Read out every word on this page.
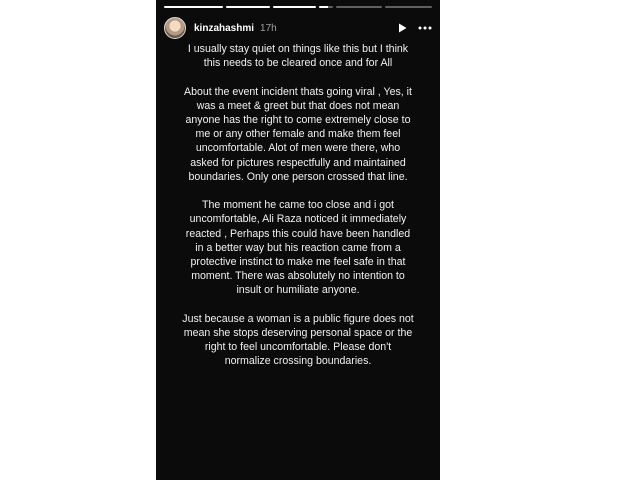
kinzahashmi 17h

I usually stay quiet on things like this but I think this needs to be cleared once and for All

About the event incident thats going viral , Yes, it was a meet & greet but that does not mean anyone has the right to come extremely close to me or any other female and make them feel uncomfortable. Alot of men were there, who asked for pictures respectfully and maintained boundaries. Only one person crossed that line.

The moment he came too close and i got uncomfortable, Ali Raza noticed it immediately reacted , Perhaps this could have been handled in a better way but his reaction came from a protective instinct to make me feel safe in that moment. There was absolutely no intention to insult or humiliate anyone.

Just because a woman is a public figure does not mean she stops deserving personal space or the right to feel uncomfortable. Please don't normalize crossing boundaries.
